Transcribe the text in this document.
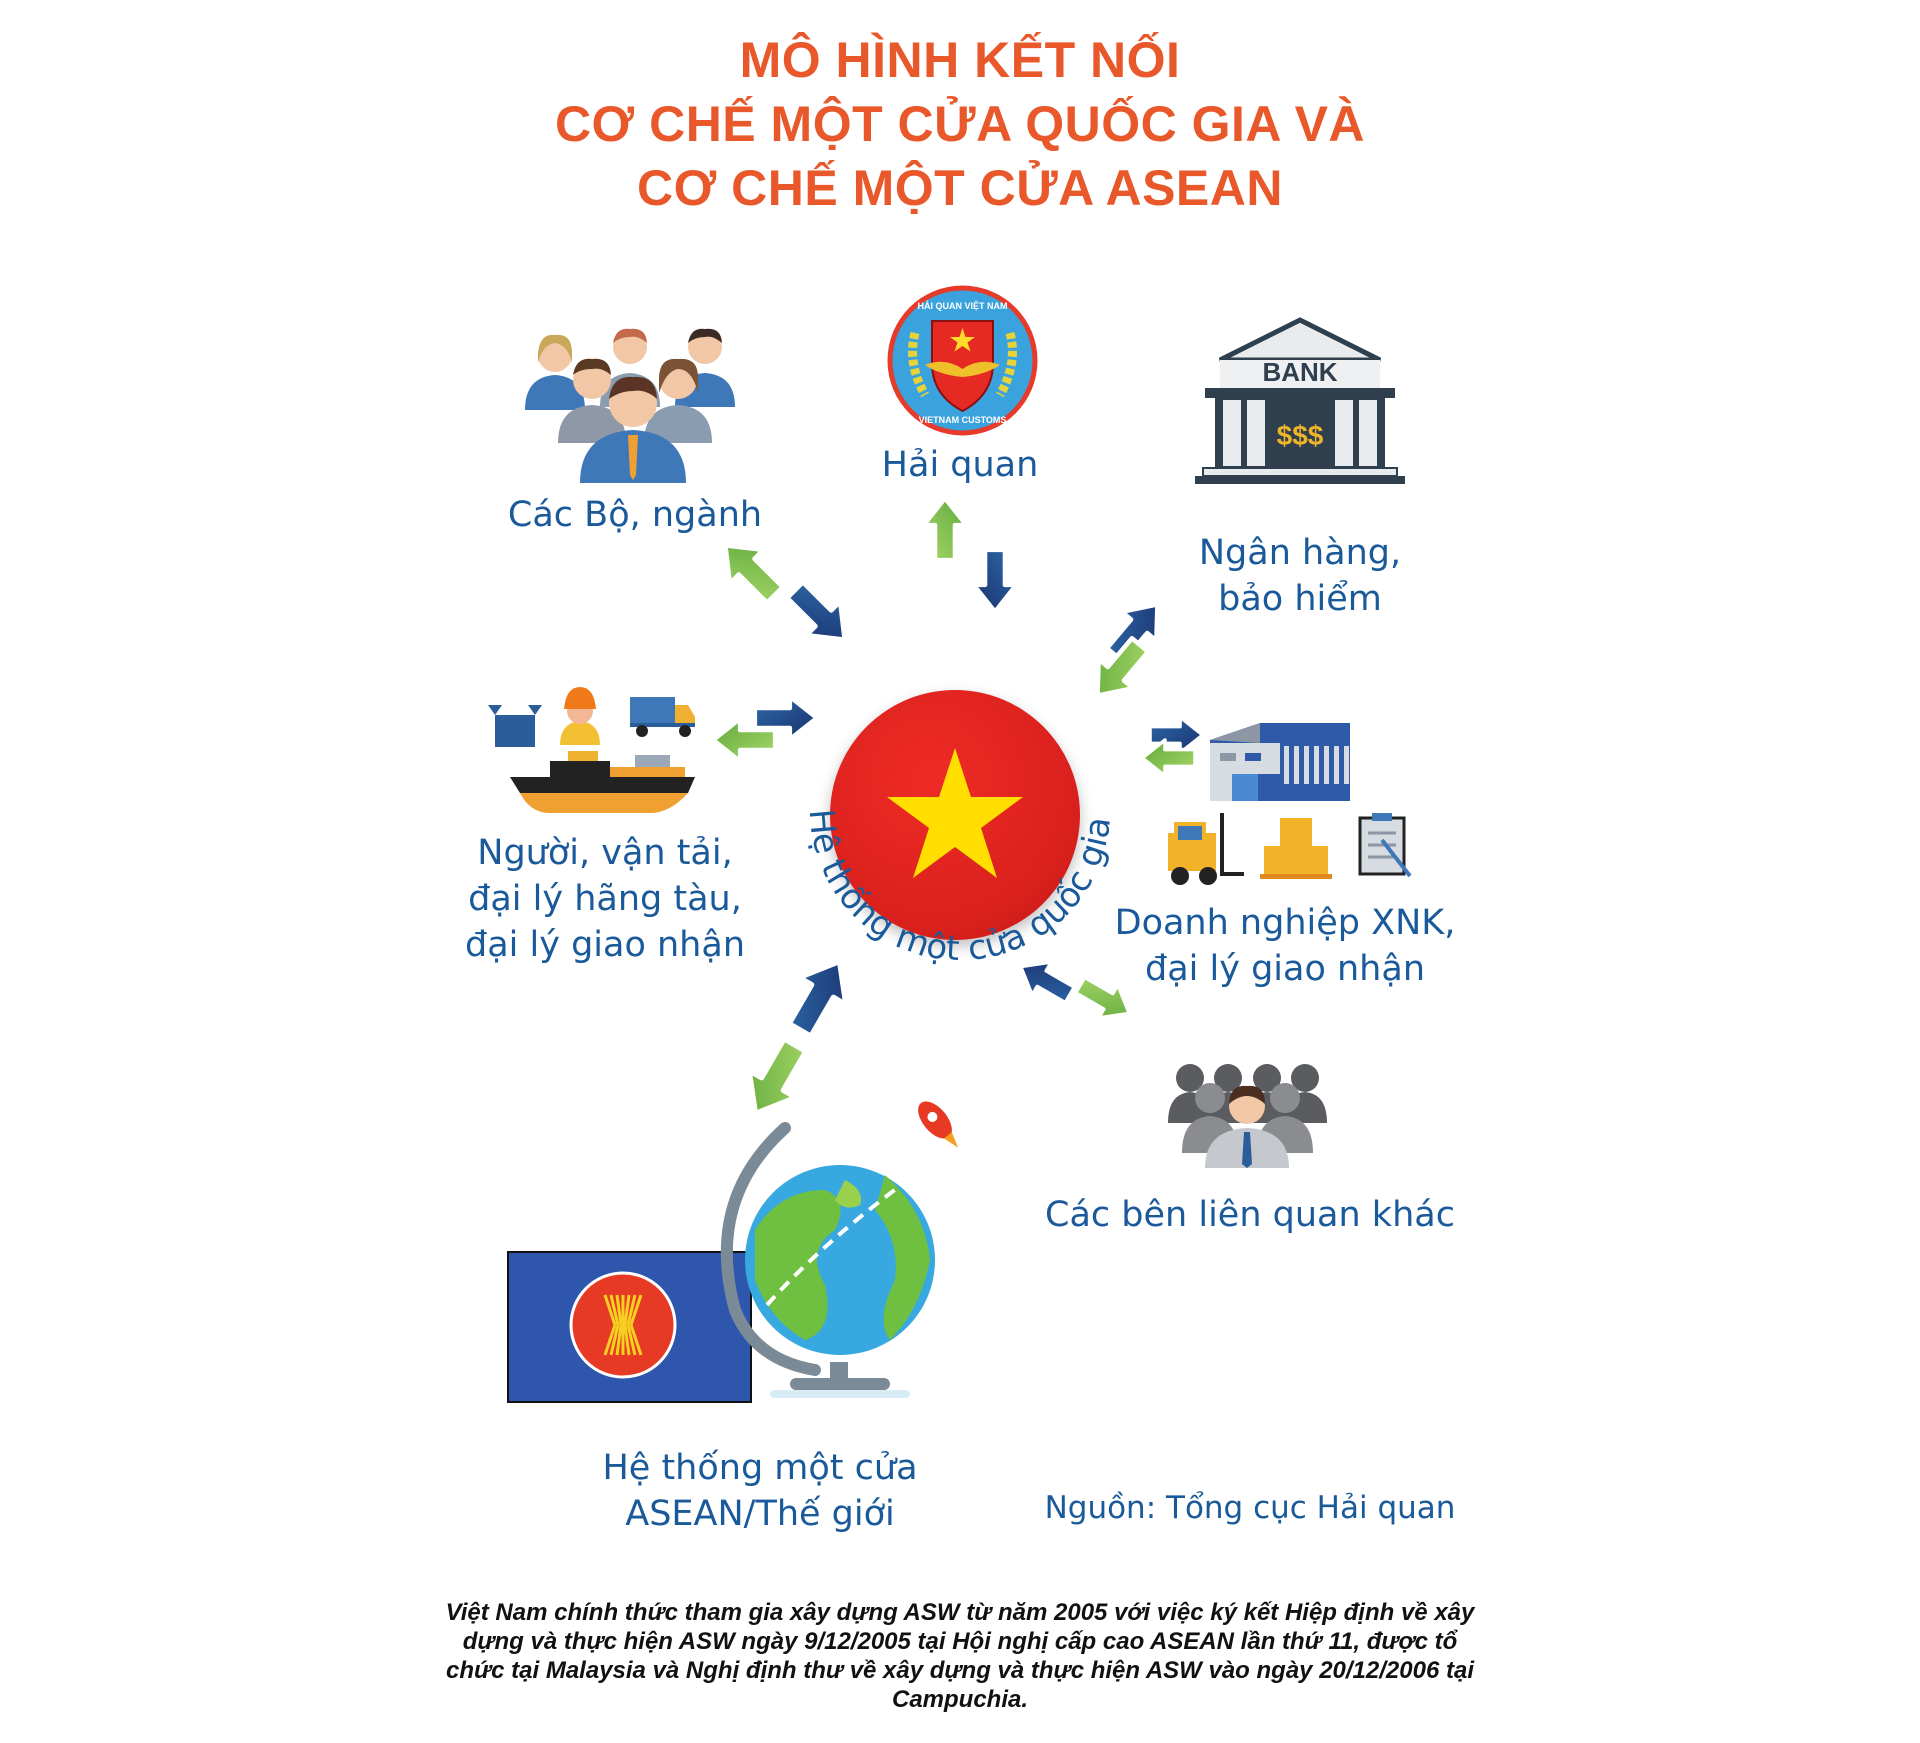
MÔ HÌNH KẾT NỐI
CƠ CHẾ MỘT CỬA QUỐC GIA VÀ
CƠ CHẾ MỘT CỬA ASEAN
Các Bộ, ngành
HẢI QUAN VIỆT NAM
VIETNAM CUSTOMS
Hải quan
BANK
$$$
Ngân hàng,
bảo hiểm
Người, vận tải,
đại lý hãng tàu,
đại lý giao nhận
Doanh nghiệp XNK,
đại lý giao nhận
Các bên liên quan khác
Hệ thống một cửa
ASEAN/Thế giới
Hệ thống một cửa quốc gia
Nguồn: Tổng cục Hải quan
Việt Nam chính thức tham gia xây dựng ASW từ năm 2005 với việc ký kết Hiệp định về xây dựng và thực hiện ASW ngày 9/12/2005 tại Hội nghị cấp cao ASEAN lần thứ 11, được tổ chức tại Malaysia và Nghị định thư về xây dựng và thực hiện ASW vào ngày 20/12/2006 tại Campuchia.
